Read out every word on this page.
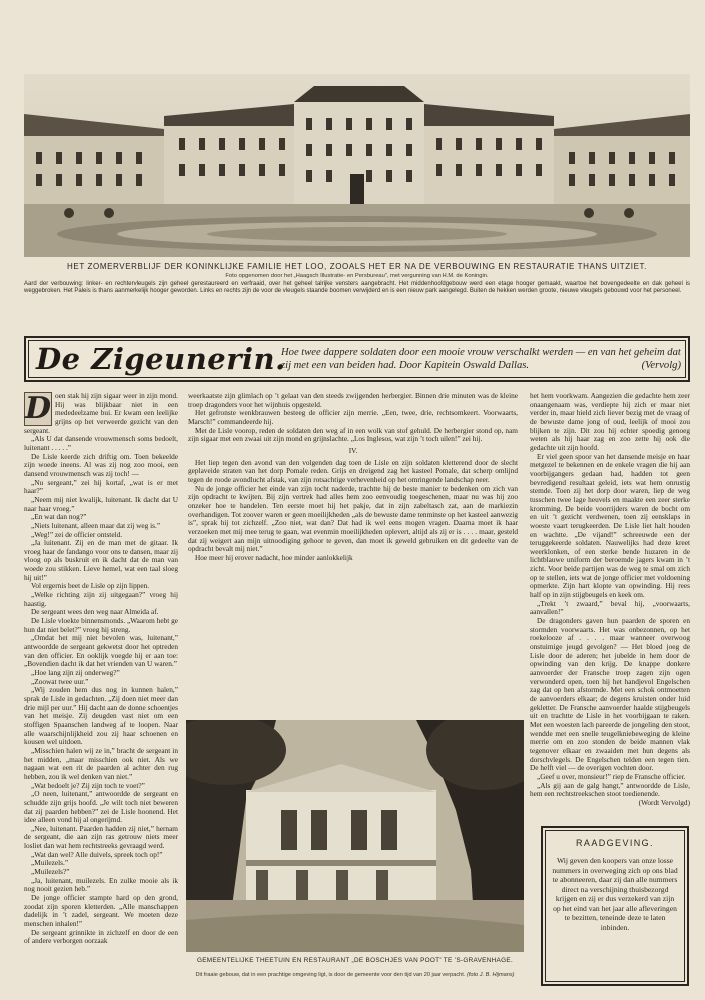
HET ZOMERVERBLIJF DER KONINKLIJKE FAMILIE HET LOO, ZOOALS HET ER NA DE VERBOUWING EN RESTAURATIE THANS UITZIET.
Foto opgenomen door het „Haagsch Illustratie- en Persbureau”, met vergunning van H.M. de Koningin.
Aard der verbouwing: linker- en rechtervleugels zijn geheel gerestaureerd en verfraaid, over het geheel talrijke vensters aangebracht. Het middenhoofdgebouw werd een etage hooger gemaakt, waartoe het bovengedeelte en dak geheel is weggebroken. Het Paleis is thans aanmerkelijk hooger geworden. Links en rechts zijn de voor de vleugels staande boomen verwijderd en is een nieuw park aangelegd. Buiten de hekken werden groote, nieuwe vleugels gebouwd voor het personeel.
De Zigeunerin.
Hoe twee dappere soldaten door een mooie vrouw verschalkt werden — en van het geheim dat zij met een van beiden had. Door Kapitein Oswald Dallas.	(Vervolg)

D oen stak hij zijn sigaar weer in zijn mond. Hij was blijkbaar niet in een mededeelzame bui. Er kwam een leelijke grijns op het verweerde gezicht van den sergeant.

„Als U dat dansende vrouwmensch soms bedoelt, luitenant . . . . .”

De Lisle keerde zich driftig om. Toen bekeelde zijn woede ineens. Al was zij nog zoo mooi, een dansend vrouwmensch was zij toch! —

„Nu sergeant,” zei hij kortaf, „wat is er met haar?”

„Neem mij niet kwalijk, luitenant. Ik dacht dat U naar haar vroeg.”

„En wat dan nog?”

„Niets luitenant, alleen maar dat zij weg is.”

„Weg!” zei de officier ontsteld.

„Ja luitenant. Zij en de man met de gitaar. Ik vroeg haar de fandango voor ons te dansen, maar zij vloog op als buskruit en ik dacht dat de man van woede zou stikken. Lieve hemel, wat een taal sloeg hij uit!”

Vol ergernis beet de Lisle op zijn lippen.

„Welke richting zijn zij uitgegaan?” vroeg hij haastig.

De sergeant wees den weg naar Almeida af.

De Lisle vloekte binnensmonds. „Waarom hebt ge hun dat niet belet?” vroeg hij streng.

„Omdat het mij niet bevolen was, luitenant,” antwoordde de sergeant gekwetst door het optreden van den officier. En ooklijk voegde hij er aan toe: „Bovendien dacht ik dat het vrienden van U waren.”

„Hoe lang zijn zij onderweg?”

„Zoowat twee uur.”

„Wij zouden hem dus nog in kunnen halen,” sprak de Lisle in gedachten. „Zij doen niet meer dan drie mijl per uur.” Hij dacht aan de donne schoentjes van het meisje. Zij deugden vast niet om een stoffigen Spaanschen landweg af te loopen. Naar alle waarschijnlijkheid zou zij haar schoenen en kousen wel uitdoen.

„Misschien halen wij ze in,” bracht de sergeant in het midden, „maar misschien ook niet. Als we nagaan wat een rit de paarden al achter den rug hebben, zou ik wel denken van niet.”

„Wat bedoelt je? Zij zijn toch te voet?”

„O neen, luitenant,” antwoordde de sergeant en schudde zijn grijs hoofd. „Je wilt toch niet beweren dat zij paarden hebben?” zei de Lisle hoonend. Het idee alleen vond hij al ongerijmd.

„Nee, luitenant. Paarden hadden zij niet,” hernam de sergeant, die aan zijn ras getrouw niets meer losliet dan wat hem rechtstreeks gevraagd werd.

„Wat dan wel? Alle duivels, spreek toch op!”

„Muilezels.”

„Muilezels?”

„Ja, luitenant, muilezels. En zulke mooie als ik nog nooit gezien heb.”

De jonge officier stampte hard op den grond, zoodat zijn sporen kletterden. „Alle manschappen dadelijk in ’t zadel, sergeant. We moeten deze menschen inhalen!”

De sergeant grinnikte in zichzelf en door de een of andere verborgen oorzaak

weerkaatste zijn glimlach op ’t gelaat van den steeds zwijgenden herbergier. Binnen drie minuten was de kleine troep dragonders voor het wijnhuis opgesteld.

Het gefronste wenkbrauwen besteeg de officier zijn merrie. „Een, twee, drie, rechtsomkeert. Voorwaarts, Marsch!” commandeerde hij.

Met de Lisle voorop, reden de soldaten den weg af in een wolk van stof gehuld. De herbergier stond op, nam zijn sigaar met een zwaai uit zijn mond en grijnslachte. „Los Inglesos, wat zijn ’t toch uilen!” zei hij.

IV.

Het liep tegen den avond van den volgenden dag toen de Lisle en zijn soldaten kletterend door de slecht geplaveide straten van het dorp Pomale reden. Grijs en dreigend zag het kasteel Pomale, dat scherp omlijnd tegen de roode avondlucht afstak, van zijn rotsachtige verhevenheid op het omringende landschap neer.

Nu de jonge officier het einde van zijn tocht naderde, trachtte hij de beste manier te bedenken om zich van zijn opdracht te kwijten. Bij zijn vertrek had alles hem zoo eenvoudig toegeschenen, maar nu was hij zoo onzeker hoe te handelen. Ten eerste moet hij het pakje, dat in zijn zabeltasch zat, aan de markiezin overhandigen. Tot zoover waren er geen moeilijkheden „als de bewuste dame tenminste op het kasteel aanwezig is”, sprak hij tot zichzelf. „Zoo niet, wat dan? Dat had ik wel eens mogen vragen. Daarna moet ik haar verzoeken met mij mee terug te gaan, wat evenmin moeilijkheden oplevert, altijd als zij er is . . . . maar, gesteld dat zij weigert aan mijn uitnoodiging gehoor te geven, dan moet ik geweld gebruiken en dit gedeelte van de opdracht bevalt mij niet.”

Hoe meer hij erover nadacht, hoe minder aanlokkelijk

het hem voorkwam. Aangezien die gedachte hem zeer onaangenaam was, verdiepte hij zich er maar niet verder in, maar hield zich liever bezig met de vraag of de bewuste dame jong of oud, leelijk of mooi zou blijken te zijn. Dit zou hij echter spoedig genoeg weten als hij haar zag en zoo zette hij ook die gedachte uit zijn hoofd.

Er viel geen spoor van het dansende meisje en haar metgezel te bekennen en de enkele vragen die hij aan voorbijgangers gedaan had, hadden tot geen bevredigend resultaat geleid, iets wat hem onrustig stemde. Toen zij het dorp door waren, liep de weg tusschen twee lage heuvels en maakte een zeer sterke kromming. De beide voorrijders waren de bocht om en uit ’t gezicht verdwenen, toen zij eensklaps in woeste vaart terugkeerden. De Lisle liet halt houden en wachtte. „De vijand!” schreeuwde een der teruggekeerde soldaten. Nauwelijks had deze kreet weerklonken, of een sterke bende huzaren in de lichtblauwe uniform der beroemde jagers kwam in ’t zicht. Voor beide partijen was de weg te smal om zich op te stellen, iets wat de jonge officier met voldoening opmerkte. Zijn hart klopte van opwinding. Hij rees half op in zijn stijgbeugels en keek om.

„Trekt ’t zwaard,” beval hij, „voorwaarts, aanvallen!”

De dragonders gaven hun paarden de sporen en stormden voorwaarts. Het was onbezonnen, op het roekelooze af . . . . maar wanneer overwoog onstuimige jeugd gevolgen? — Het bloed joeg de Lisle door de aderen; het jubelde in hem door de opwinding van den krijg. De knappe donkere aanvoerder der Fransche troep zagen zijn ogen verwonderd open, toen hij het handjevol Engelschen zag dat op hen afstormde. Met een schok ontmoetten de aanvoerders elkaar; de degens kruisten onder luid gekletter. De Fransche aanvoerder haalde stijgbeugels uit en trachtte de Lisle in het voorbijgaan te raken. Met een woesten lach pareerde de jongeling den stoot, wendde met een snelle teugelkniebeweging de kleine merrie om en zoo stonden de beide mannen vlak tegenover elkaar en zwaaiden met hun degens als dorschvlegels. De Engelschen telden een tegen tien. De helft viel — de overigen vochten door.

„Geef u over, monsieur!” riep de Fransche officier.

„Als gij aan de galg hangt,” antwoordde de Lisle, hem een rechtstreekschen stoot toedienende.

(Wordt Vervolgd)

GEMEENTELIJKE THEETUIN EN RESTAURANT „DE BOSCHJES VAN POOT” TE ’S-GRAVENHAGE.
Dit fraaie gebouw, dat in een prachtige omgeving ligt, is door de gemeente voor den tijd van 20 jaar verpacht. (foto J. B. Hijmans)
RAADGEVING.
Wij geven den koopers van onze losse nummers in overweging zich op ons blad te abonneeren, daar zij dan alle nummers direct na verschijning thuisbezorgd krijgen en zij er dus verzekerd van zijn op het eind van het jaar alle afleveringen te bezitten, teneinde deze te laten inbinden.
